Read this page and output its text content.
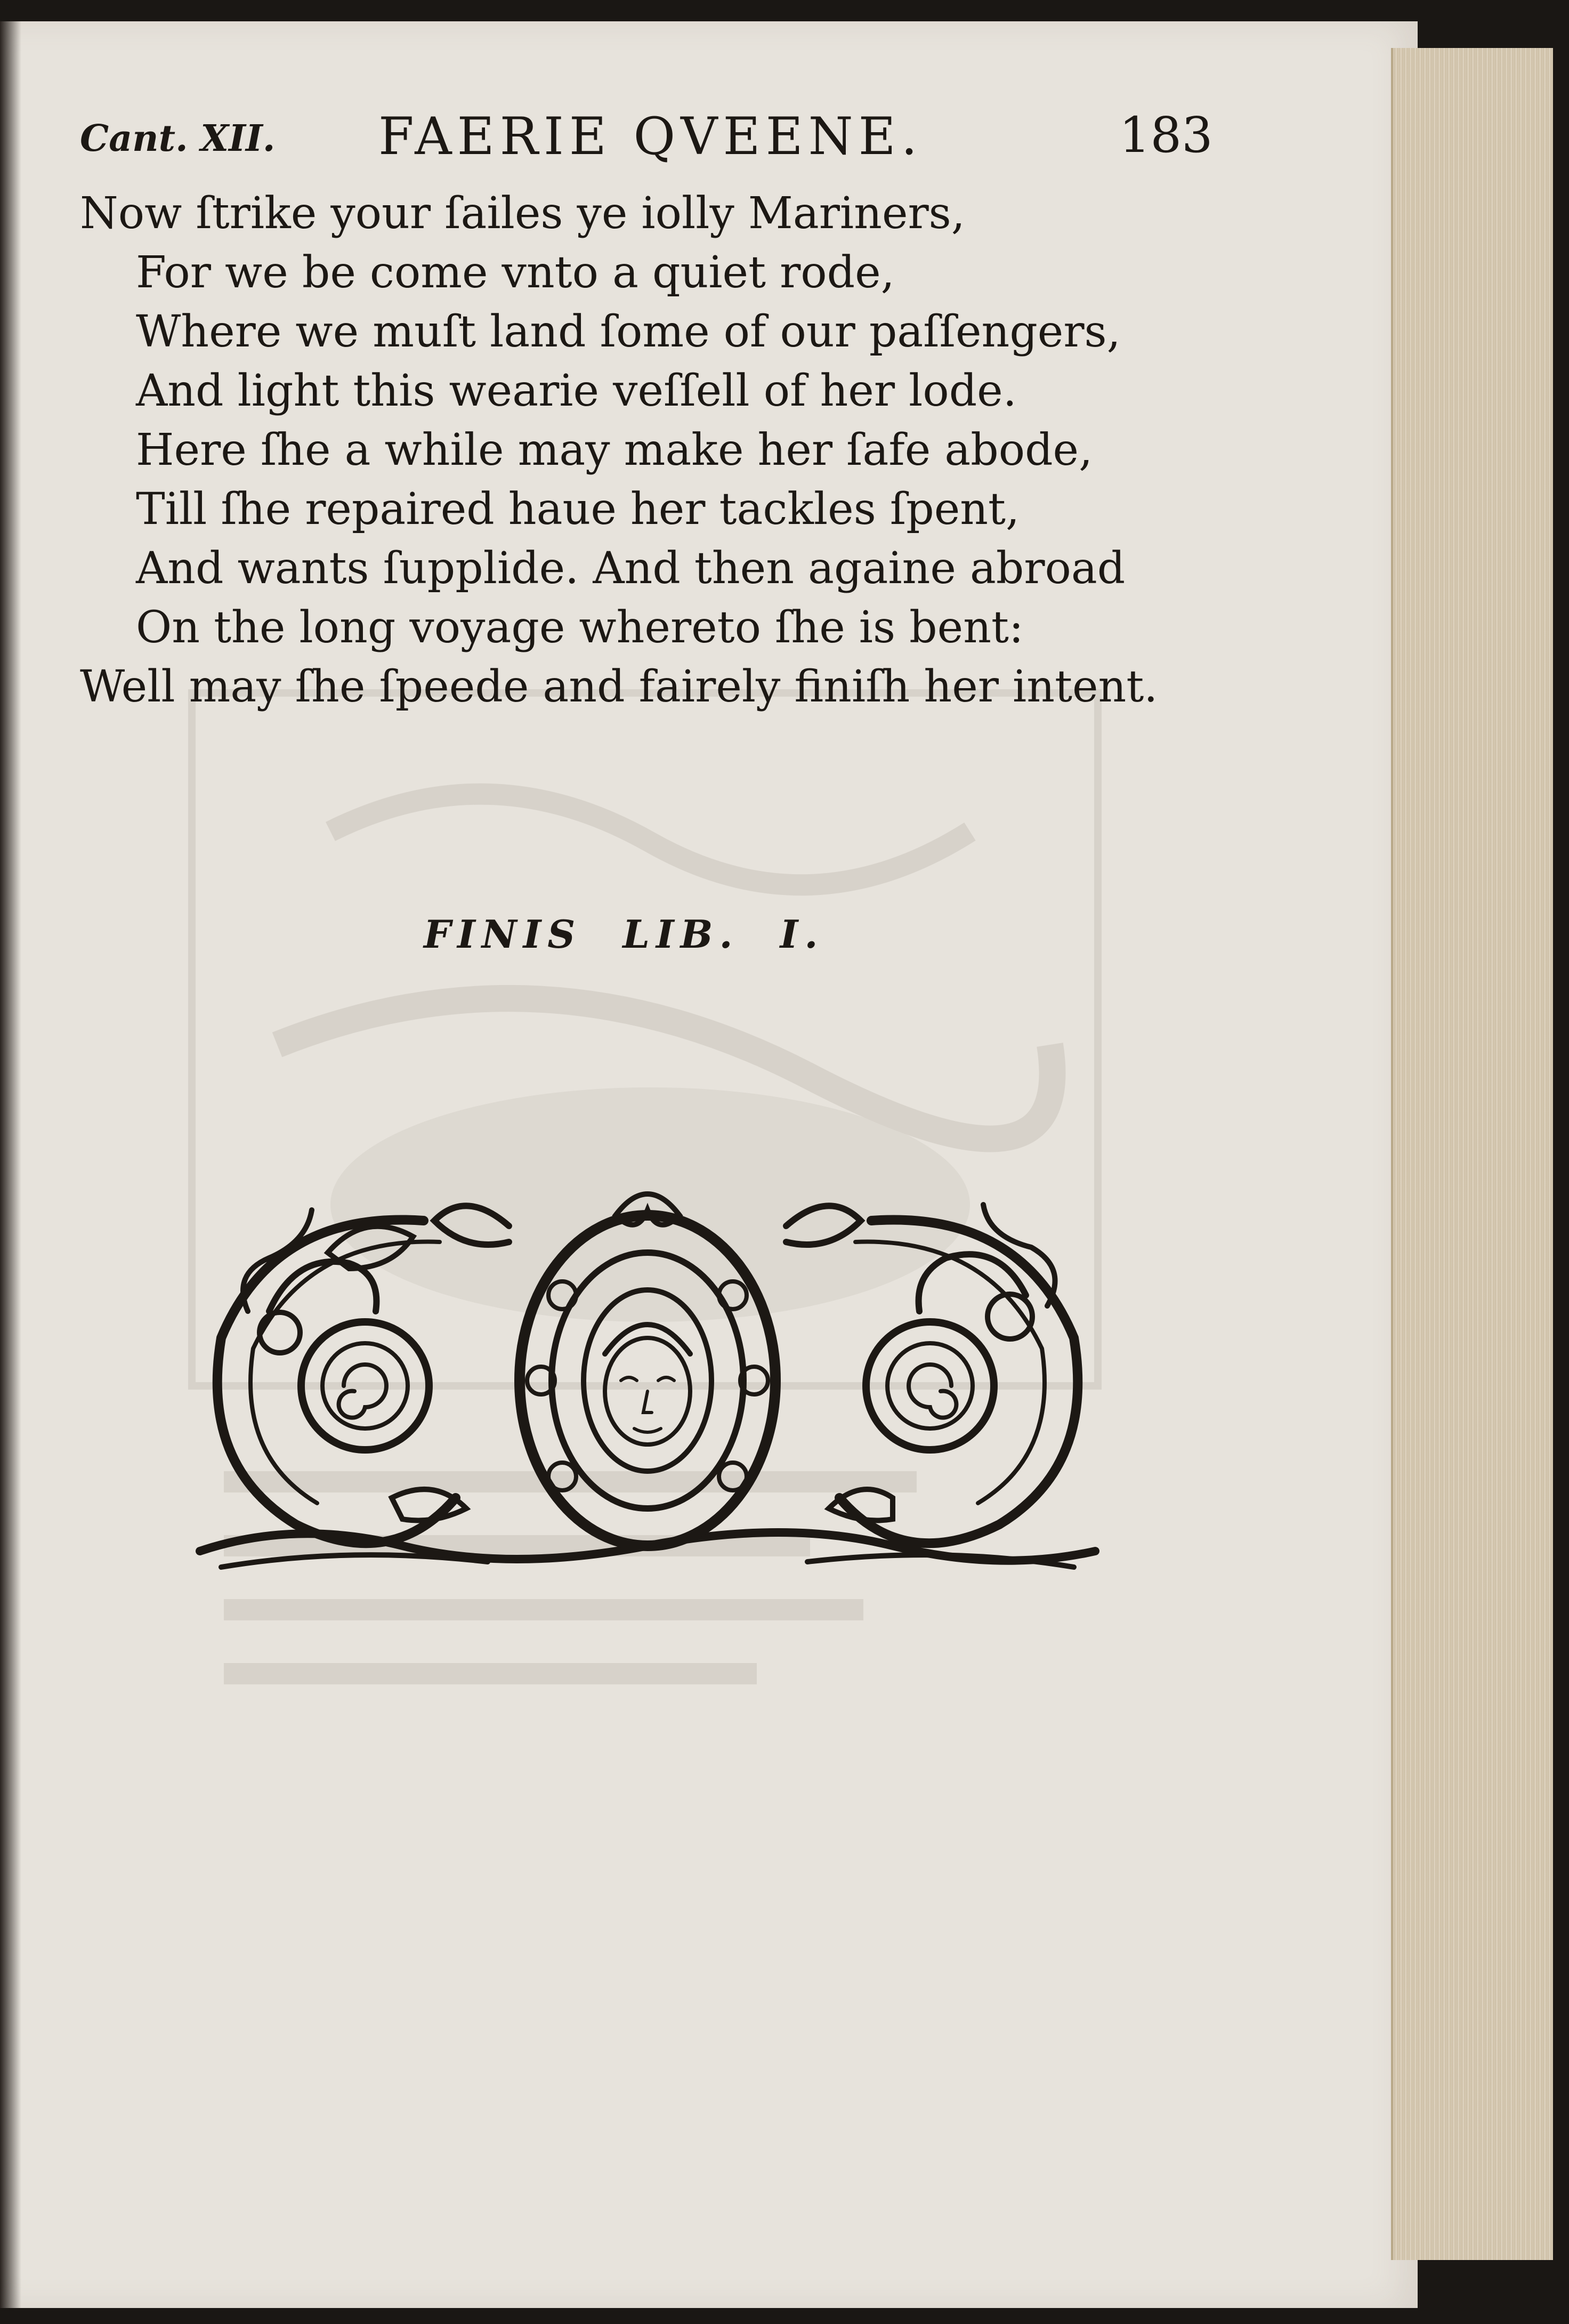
Cant. XII. FAERIE QVEENE.	183
Now ſtrike your ſailes ye iolly Mariners,
For we be come vnto a quiet rode,
Where we muſt land ſome of our paſſengers,
And light this wearie veſſell of her lode.
Here ſhe a while may make her ſafe abode,
Till ſhe repaired haue her tackles ſpent,
And wants ſupplide. And then againe abroad
On the long voyage whereto ſhe is bent:
Well may ſhe ſpeede and fairely finiſh her intent.
FINIS LIB. I.
